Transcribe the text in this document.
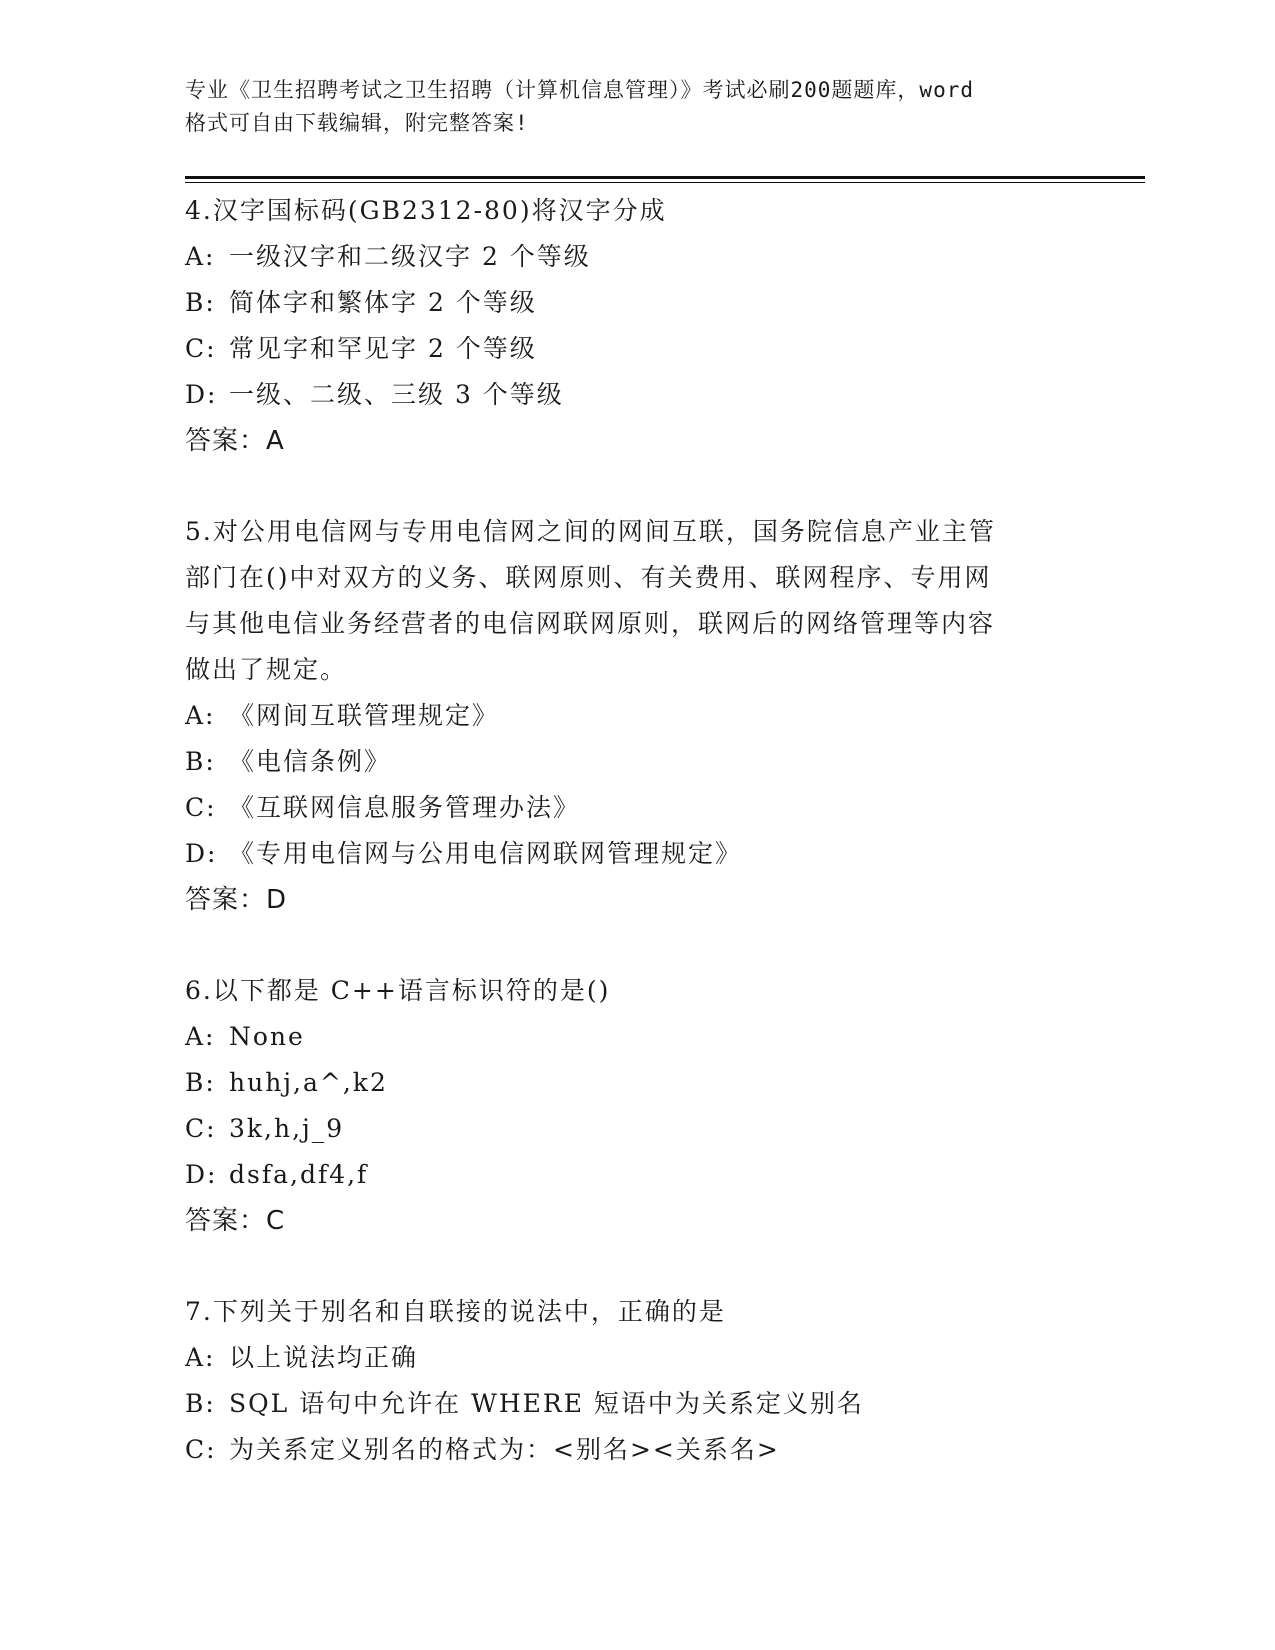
专业《卫生招聘考试之卫生招聘（计算机信息管理）》考试必刷200题题库，word
格式可自由下载编辑，附完整答案!
4.汉字国标码(GB2312-80)将汉字分成
A: 一级汉字和二级汉字 2 个等级
B: 简体字和繁体字 2 个等级
C: 常见字和罕见字 2 个等级
D: 一级、二级、三级 3 个等级
答案：A
5.对公用电信网与专用电信网之间的网间互联，国务院信息产业主管
部门在()中对双方的义务、联网原则、有关费用、联网程序、专用网
与其他电信业务经营者的电信网联网原则，联网后的网络管理等内容
做出了规定。
A: 《网间互联管理规定》
B: 《电信条例》
C: 《互联网信息服务管理办法》
D: 《专用电信网与公用电信网联网管理规定》
答案：D
6.以下都是 C++语言标识符的是()
A: None
B: huhj,a^,k2
C: 3k,h,j_9
D: dsfa,df4,f
答案：C
7.下列关于别名和自联接的说法中，正确的是
A: 以上说法均正确
B: SQL 语句中允许在 WHERE 短语中为关系定义别名
C: 为关系定义别名的格式为：<别名><关系名>
